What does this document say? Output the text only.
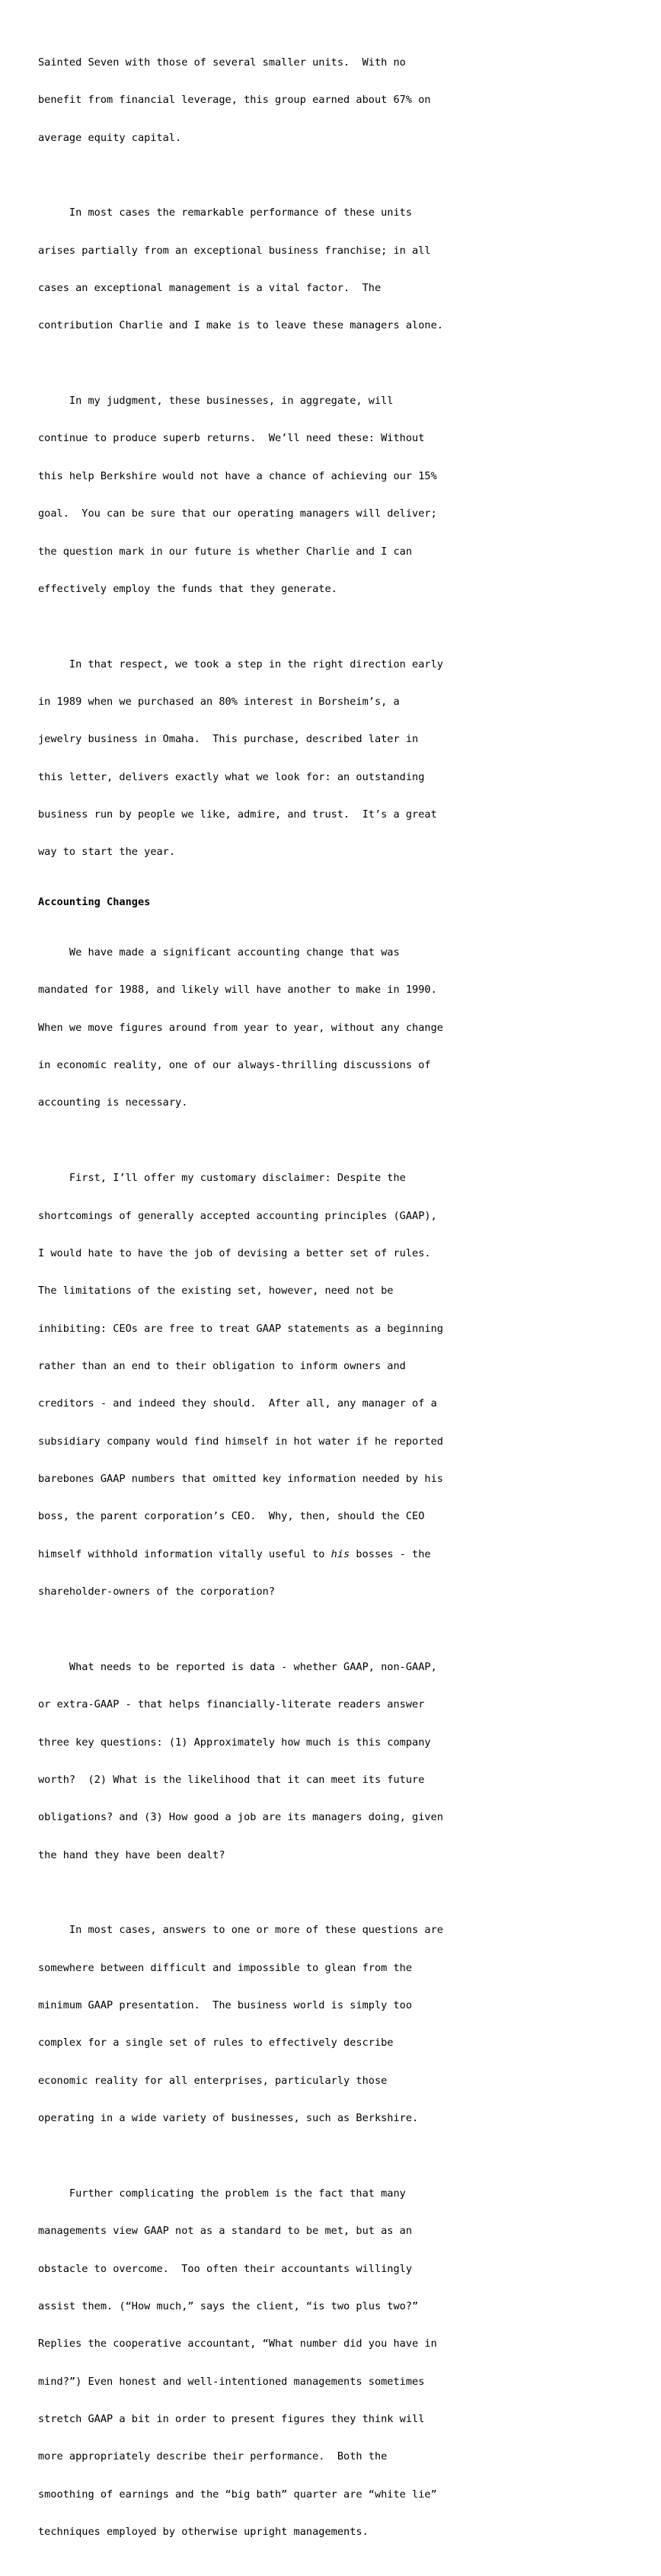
Sainted Seven with those of several smaller units.  With no

benefit from financial leverage, this group earned about 67% on

average equity capital.

In most cases the remarkable performance of these units

arises partially from an exceptional business franchise; in all

cases an exceptional management is a vital factor.  The

contribution Charlie and I make is to leave these managers alone.

In my judgment, these businesses, in aggregate, will

continue to produce superb returns.  We’ll need these: Without

this help Berkshire would not have a chance of achieving our 15%

goal.  You can be sure that our operating managers will deliver;

the question mark in our future is whether Charlie and I can

effectively employ the funds that they generate.

In that respect, we took a step in the right direction early

in 1989 when we purchased an 80% interest in Borsheim’s, a

jewelry business in Omaha.  This purchase, described later in

this letter, delivers exactly what we look for: an outstanding

business run by people we like, admire, and trust.  It’s a great

way to start the year.

Accounting Changes

We have made a significant accounting change that was

mandated for 1988, and likely will have another to make in 1990.

When we move figures around from year to year, without any change

in economic reality, one of our always-thrilling discussions of

accounting is necessary.

First, I’ll offer my customary disclaimer: Despite the

shortcomings of generally accepted accounting principles (GAAP),

I would hate to have the job of devising a better set of rules.

The limitations of the existing set, however, need not be

inhibiting: CEOs are free to treat GAAP statements as a beginning

rather than an end to their obligation to inform owners and

creditors - and indeed they should.  After all, any manager of a

subsidiary company would find himself in hot water if he reported

barebones GAAP numbers that omitted key information needed by his

boss, the parent corporation’s CEO.  Why, then, should the CEO

himself withhold information vitally useful to his bosses - the

shareholder-owners of the corporation?

What needs to be reported is data - whether GAAP, non-GAAP,

or extra-GAAP - that helps financially-literate readers answer

three key questions: (1) Approximately how much is this company

worth?  (2) What is the likelihood that it can meet its future

obligations? and (3) How good a job are its managers doing, given

the hand they have been dealt?

In most cases, answers to one or more of these questions are

somewhere between difficult and impossible to glean from the

minimum GAAP presentation.  The business world is simply too

complex for a single set of rules to effectively describe

economic reality for all enterprises, particularly those

operating in a wide variety of businesses, such as Berkshire.

Further complicating the problem is the fact that many

managements view GAAP not as a standard to be met, but as an

obstacle to overcome.  Too often their accountants willingly

assist them. (“How much,” says the client, “is two plus two?”

Replies the cooperative accountant, “What number did you have in

mind?”) Even honest and well-intentioned managements sometimes

stretch GAAP a bit in order to present figures they think will

more appropriately describe their performance.  Both the

smoothing of earnings and the “big bath” quarter are “white lie”

techniques employed by otherwise upright managements.
